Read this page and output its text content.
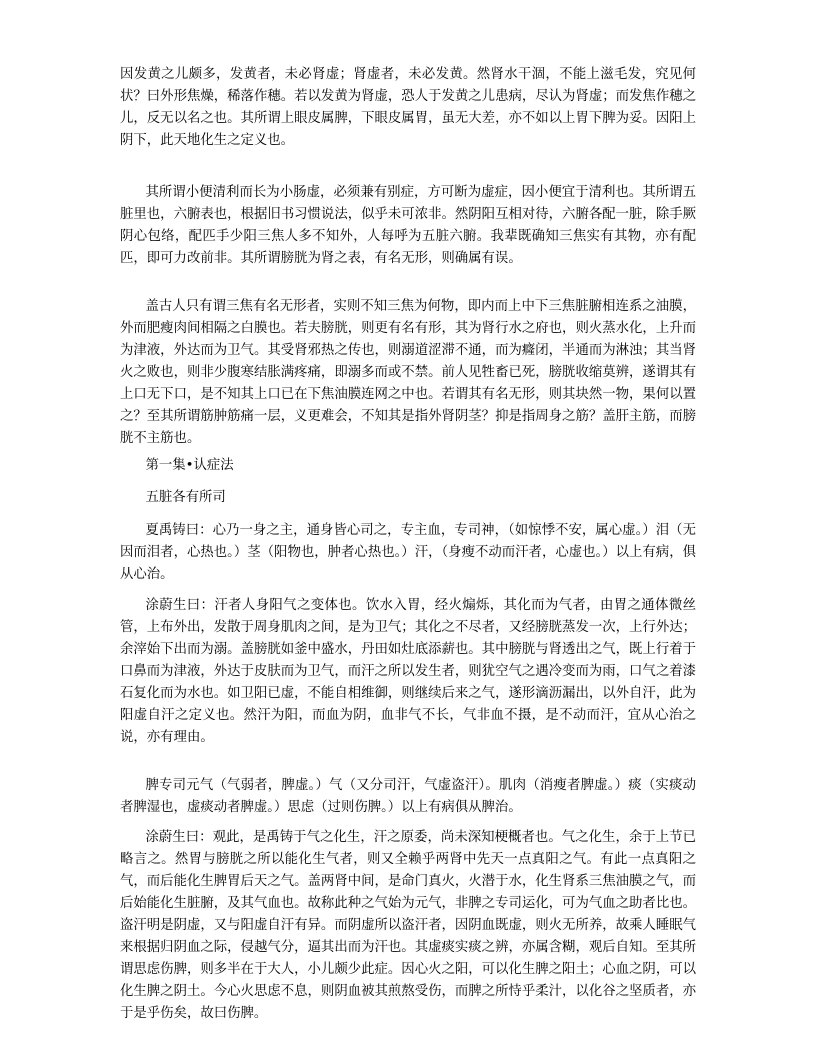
因发黄之儿颇多，发黄者，未必肾虚；肾虚者，未必发黄。然肾水干涸，不能上滋毛发，究见何状？曰外形焦燥，稀落作穗。若以发黄为肾虚，恐人于发黄之儿患病，尽认为肾虚；而发焦作穗之儿，反无以名之也。其所谓上眼皮属脾，下眼皮属胃，虽无大差，亦不如以上胃下脾为妥。因阳上阴下，此天地化生之定义也。

其所谓小便清利而长为小肠虚，必须兼有别症，方可断为虚症，因小便宜于清利也。其所谓五脏里也，六腑表也，根据旧书习惯说法，似乎未可浓非。然阴阳互相对待，六腑各配一脏，除手厥阴心包络，配匹手少阳三焦人多不知外，人每呼为五脏六腑。我辈既确知三焦实有其物，亦有配匹，即可力改前非。其所谓膀胱为肾之表，有名无形，则确属有误。

盖古人只有谓三焦有名无形者，实则不知三焦为何物，即内而上中下三焦脏腑相连系之油膜，外而肥瘦肉间相隔之白膜也。若夫膀胱，则更有名有形，其为肾行水之府也，则火蒸水化，上升而为津液，外达而为卫气。其受肾邪热之传也，则溺道涩滞不通，而为癃闭，半通而为淋浊；其当肾火之败也，则非少腹寒结胀满疼痛，即溺多而或不禁。前人见牲畜已死，膀胱收缩莫辨，遂谓其有上口无下口，是不知其上口已在下焦油膜连网之中也。若谓其有名无形，则其块然一物，果何以置之？至其所谓筋肿筋痛一层，义更难会，不知其是指外肾阴茎？抑是指周身之筋？盖肝主筋，而膀胱不主筋也。

第一集•认症法

五脏各有所司

夏禹铸曰：心乃一身之主，通身皆心司之，专主血，专司神，（如惊悸不安，属心虚。）泪（无因而泪者，心热也。）茎（阳物也，肿者心热也。）汗，（身瘦不动而汗者，心虚也。）以上有病，俱从心治。

涂蔚生曰：汗者人身阳气之变体也。饮水入胃，经火煽烁，其化而为气者，由胃之通体微丝管，上布外出，发散于周身肌肉之间，是为卫气；其化之不尽者，又经膀胱蒸发一次，上行外达；余滓始下出而为溺。盖膀胱如釜中盛水，丹田如灶底添薪也。其中膀胱与肾透出之气，既上行着于口鼻而为津液，外达于皮肤而为卫气，而汗之所以发生者，则犹空气之遇冷变而为雨，口气之着漆石复化而为水也。如卫阳已虚，不能自相维御，则继续后来之气，遂形滴沥漏出，以外自汗，此为阳虚自汗之定义也。然汗为阳，而血为阴，血非气不长，气非血不摄，是不动而汗，宜从心治之说，亦有理由。

脾专司元气（气弱者，脾虚。）气（又分司汗，气虚盗汗）。肌肉（消瘦者脾虚。）痰（实痰动者脾湿也，虚痰动者脾虚。）思虑（过则伤脾。）以上有病俱从脾治。

涂蔚生曰：观此，是禹铸于气之化生，汗之原委，尚未深知梗概者也。气之化生，余于上节已略言之。然胃与膀胱之所以能化生气者，则又全赖乎两肾中先天一点真阳之气。有此一点真阳之气，而后能化生脾胃后天之气。盖两肾中间，是命门真火，火潜于水，化生肾系三焦油膜之气，而后始能化生脏腑，及其气血也。故称此种之气始为元气，非脾之专司运化，可为气血之助者比也。盗汗明是阴虚，又与阳虚自汗有异。而阴虚所以盗汗者，因阴血既虚，则火无所养，故乘人睡眠气来根据归阴血之际，侵越气分，逼其出而为汗也。其虚痰实痰之辨，亦属含糊，观后自知。至其所谓思虑伤脾，则多半在于大人，小儿颇少此症。因心火之阳，可以化生脾之阳土；心血之阴，可以化生脾之阴土。今心火思虑不息，则阴血被其煎熬受伤，而脾之所恃乎柔汁，以化谷之坚质者，亦于是乎伤矣，故曰伤脾。
